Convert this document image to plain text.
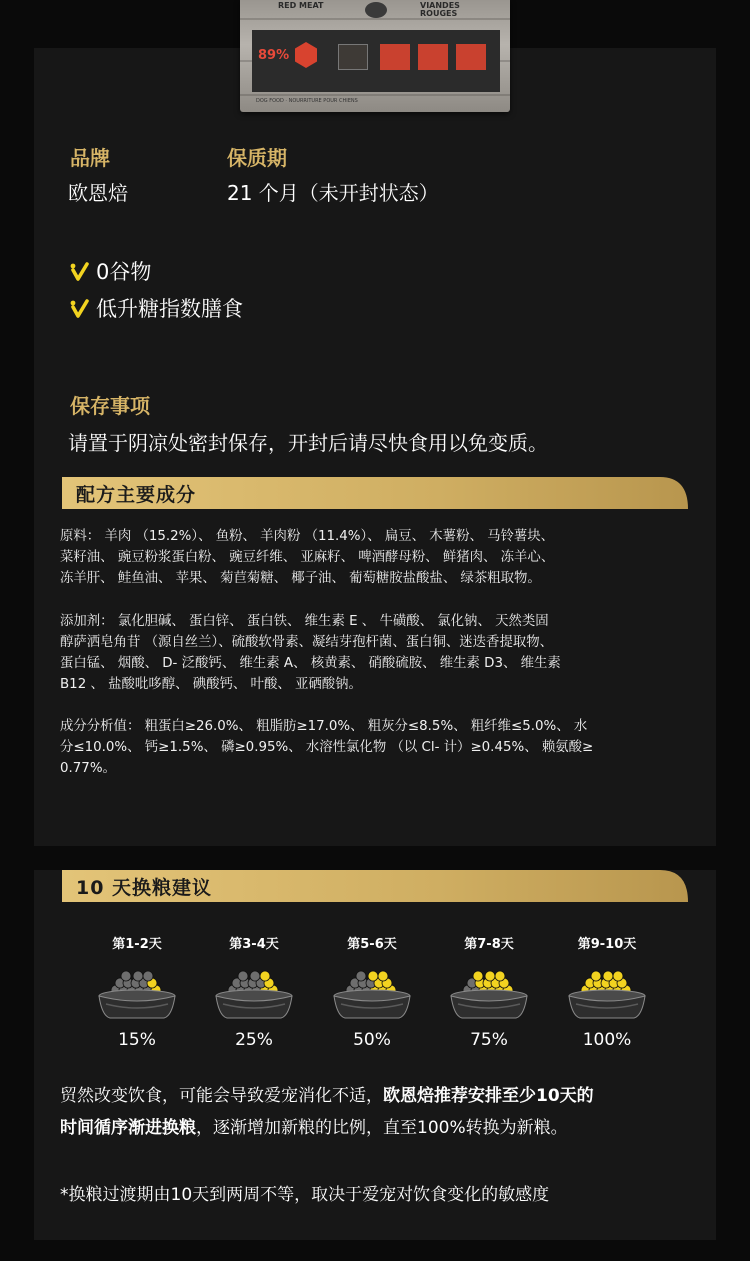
RED MEAT	VIANDES ROUGES
89%
DOG FOOD · NOURRITURE POUR CHIENS
品牌
欧恩焙
保质期
21 个月（未开封状态）
0谷物
低升糖指数膳食
保存事项
请置于阴凉处密封保存，开封后请尽快食用以免变质。
配方主要成分
原料： 羊肉 （15.2%）、 鱼粉、 羊肉粉 （11.4%）、 扁豆、 木薯粉、 马铃薯块、
菜籽油、 豌豆粉浆蛋白粉、 豌豆纤维、 亚麻籽、 啤酒酵母粉、 鲜猪肉、 冻羊心、
冻羊肝、 鲑鱼油、 苹果、 菊苣菊糖、 椰子油、 葡萄糖胺盐酸盐、 绿茶粗取物。
添加剂： 氯化胆碱、 蛋白锌、 蛋白铁、 维生素 E 、 牛磺酸、 氯化钠、 天然类固
醇萨洒皂角苷 （源自丝兰）、硫酸软骨素、凝结芽孢杆菌、蛋白铜、迷迭香提取物、
蛋白锰、 烟酸、 D- 泛酸钙、 维生素 A、 核黄素、 硝酸硫胺、 维生素 D3、 维生素
B12 、 盐酸吡哆醇、 碘酸钙、 叶酸、 亚硒酸钠。
成分分析值： 粗蛋白≥26.0%、 粗脂肪≥17.0%、 粗灰分≤8.5%、 粗纤维≤5.0%、 水
分≤10.0%、 钙≥1.5%、 磷≥0.95%、 水溶性氯化物 （以 Cl- 计）≥0.45%、 赖氨酸≥
0.77%。
10 天换粮建议
第1-2天
15%
第3-4天
25%
第5-6天
50%
第7-8天
75%
第9-10天
100%
贸然改变饮食，可能会导致爱宠消化不适，欧恩焙推荐安排至少10天的
时间循序渐进换粮，逐渐增加新粮的比例，直至100%转换为新粮。
*换粮过渡期由10天到两周不等，取决于爱宠对饮食变化的敏感度
